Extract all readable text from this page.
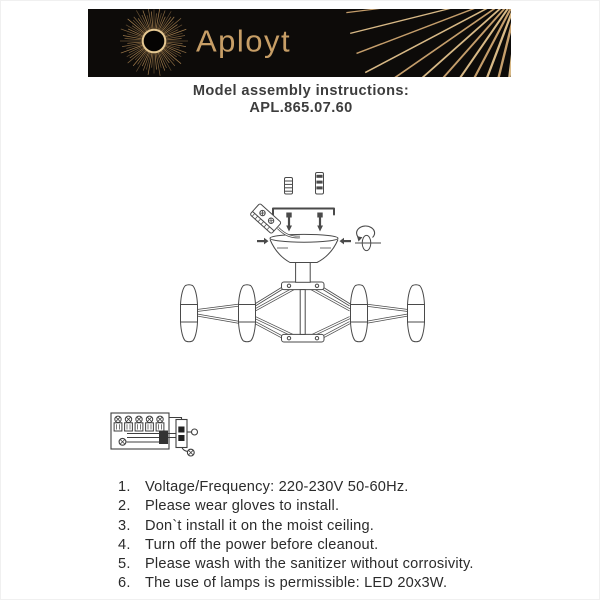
Aployt
Model assembly instructions:
APL.865.07.60
1. Voltage/Frequency: 220-230V 50-60Hz.
2. Please wear gloves to install.
3. Don`t install it on the moist ceiling.
4. Turn off the power before cleanout.
5. Please wash with the sanitizer without corrosivity.
6. The use of lamps is permissible: LED 20x3W.
